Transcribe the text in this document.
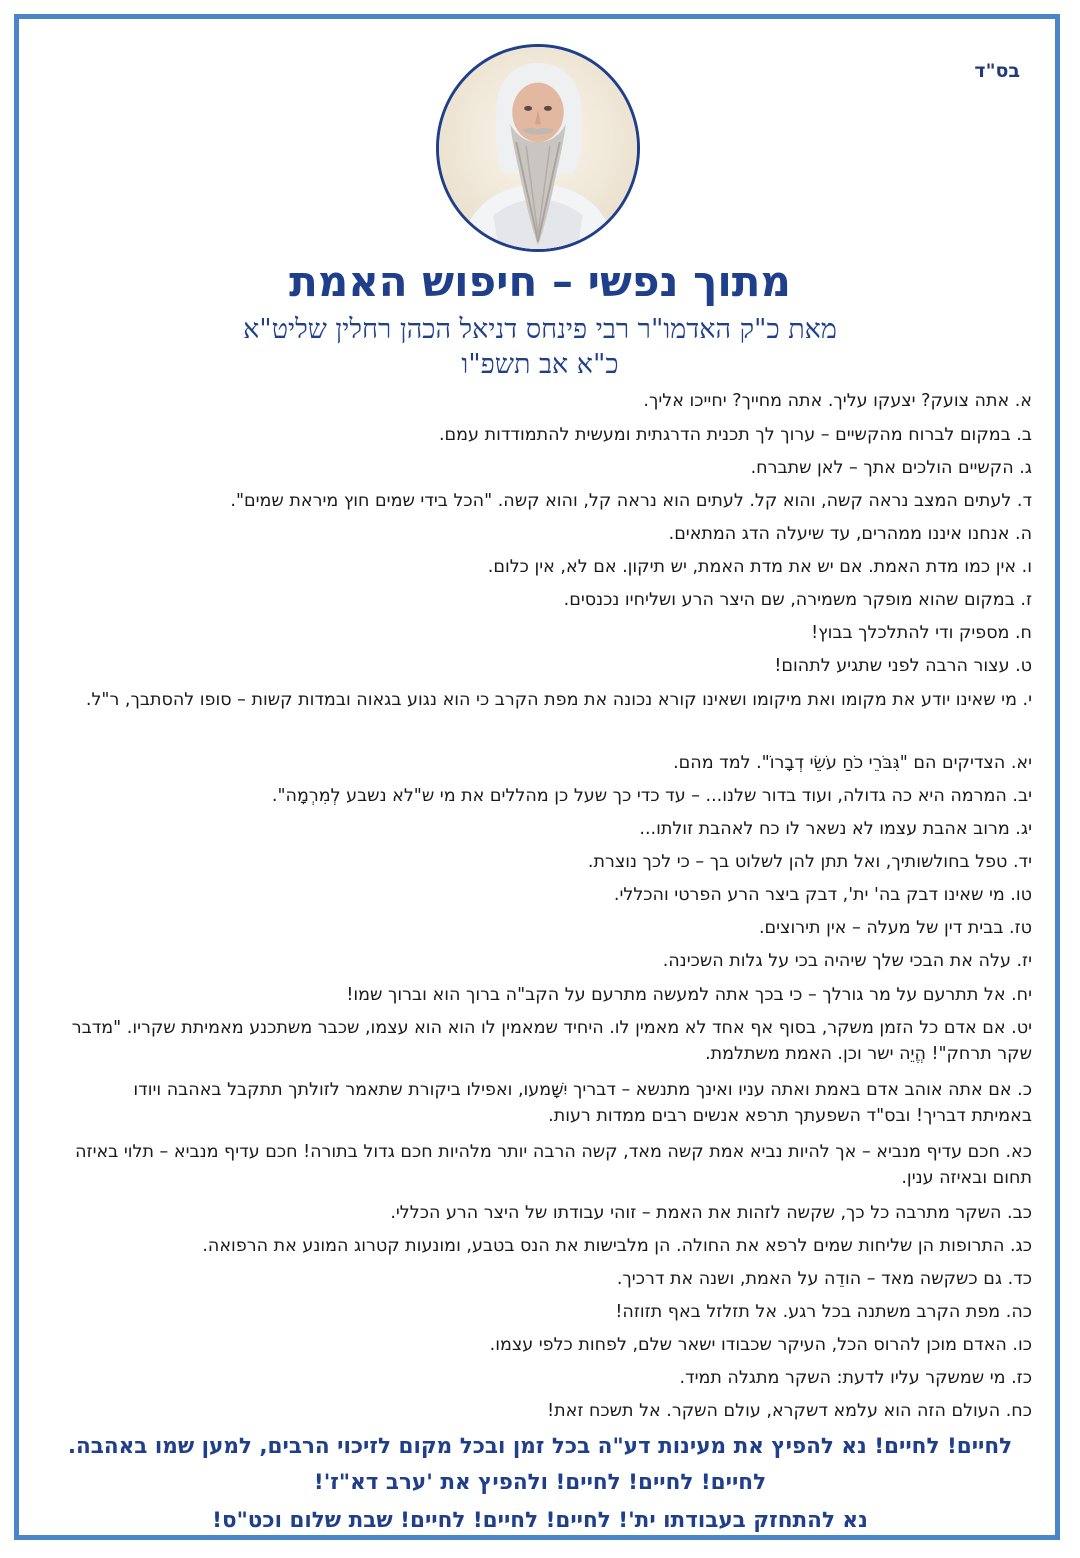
בס"ד
מתוך נפשי – חיפוש האמת
מאת כ"ק האדמו"ר רבי פינחס דניאל הכהן רחלין שליט"א
כ"א אב תשפ"ו
א. אתה צועק? יצעקו עליך. אתה מחייך? יחייכו אליך.
ב. במקום לברוח מהקשיים – ערוך לך תכנית הדרגתית ומעשית להתמודדות עמם.
ג. הקשיים הולכים אתך – לאן שתברח.
ד. לעתים המצב נראה קשה, והוא קל. לעתים הוא נראה קל, והוא קשה. "הכל בידי שמים חוץ מיראת שמים".
ה. אנחנו איננו ממהרים, עד שיעלה הדג המתאים.
ו. אין כמו מדת האמת. אם יש את מדת האמת, יש תיקון. אם לא, אין כלום.
ז. במקום שהוא מופקר משמירה, שם היצר הרע ושליחיו נכנסים.
ח. מספיק ודי להתלכלך בבוץ!
ט. עצור הרבה לפני שתגיע לתהום!
י. מי שאינו יודע את מקומו ואת מיקומו ושאינו קורא נכונה את מפת הקרב כי הוא נגוע בגאוה ובמדות קשות – סופו להסתבך, ר"ל.
יא. הצדיקים הם "גִּבֹּרֵי כֹחַ עֹשֵׂי דְבָרוֹ". למד מהם.
יב. המרמה היא כה גדולה, ועוד בדור שלנו... – עד כדי כך שעל כן מהללים את מי ש"לא נשבע לְמִרְמָה".
יג. מרוב אהבת עצמו לא נשאר לו כח לאהבת זולתו...
יד. טפל בחולשותיך, ואל תתן להן לשלוט בך – כי לכך נוצרת.
טו. מי שאינו דבק בה' ית', דבק ביצר הרע הפרטי והכללי.
טז. בבית דין של מעלה – אין תירוצים.
יז. עלה את הבכי שלך שיהיה בכי על גלות השכינה.
יח. אל תתרעם על מר גורלך – כי בכך אתה למעשה מתרעם על הקב"ה ברוך הוא וברוך שמו!
יט. אם אדם כל הזמן משקר, בסוף אף אחד לא מאמין לו. היחיד שמאמין לו הוא הוא עצמו, שכבר משתכנע מאמיתת שקריו. "מדבר שקר תרחק"! הֱיֵה ישר וכן. האמת משתלמת.
כ. אם אתה אוהב אדם באמת ואתה עניו ואינך מתנשא – דבריך יִשָּׁמעו, ואפילו ביקורת שתאמר לזולתך תתקבל באהבה ויודו באמיתת דבריך! ובס"ד השפעתך תרפא אנשים רבים ממדות רעות.
כא. חכם עדיף מנביא – אך להיות נביא אמת קשה מאד, קשה הרבה יותר מלהיות חכם גדול בתורה! חכם עדיף מנביא – תלוי באיזה תחום ובאיזה ענין.
כב. השקר מתרבה כל כך, שקשה לזהות את האמת – זוהי עבודתו של היצר הרע הכללי.
כג. התרופות הן שליחות שמים לרפא את החולה. הן מלבישות את הנס בטבע, ומונעות קטרוג המונע את הרפואה.
כד. גם כשקשה מאד – הודֵה על האמת, ושנה את דרכיך.
כה. מפת הקרב משתנה בכל רגע. אל תזלזל באף תזוזה!
כו. האדם מוכן להרוס הכל, העיקר שכבודו ישאר שלם, לפחות כלפי עצמו.
כז. מי שמשקר עליו לדעת: השקר מתגלה תמיד.
כח. העולם הזה הוא עלמא דשקרא, עולם השקר. אל תשכח זאת!
לחיים! לחיים! נא להפיץ את מעינות דע"ה בכל זמן ובכל מקום לזיכוי הרבים, למען שמו באהבה.
לחיים! לחיים! לחיים! ולהפיץ את 'ערב דא"ז'!
נא להתחזק בעבודתו ית'! לחיים! לחיים! לחיים! שבת שלום וכט"ס!
